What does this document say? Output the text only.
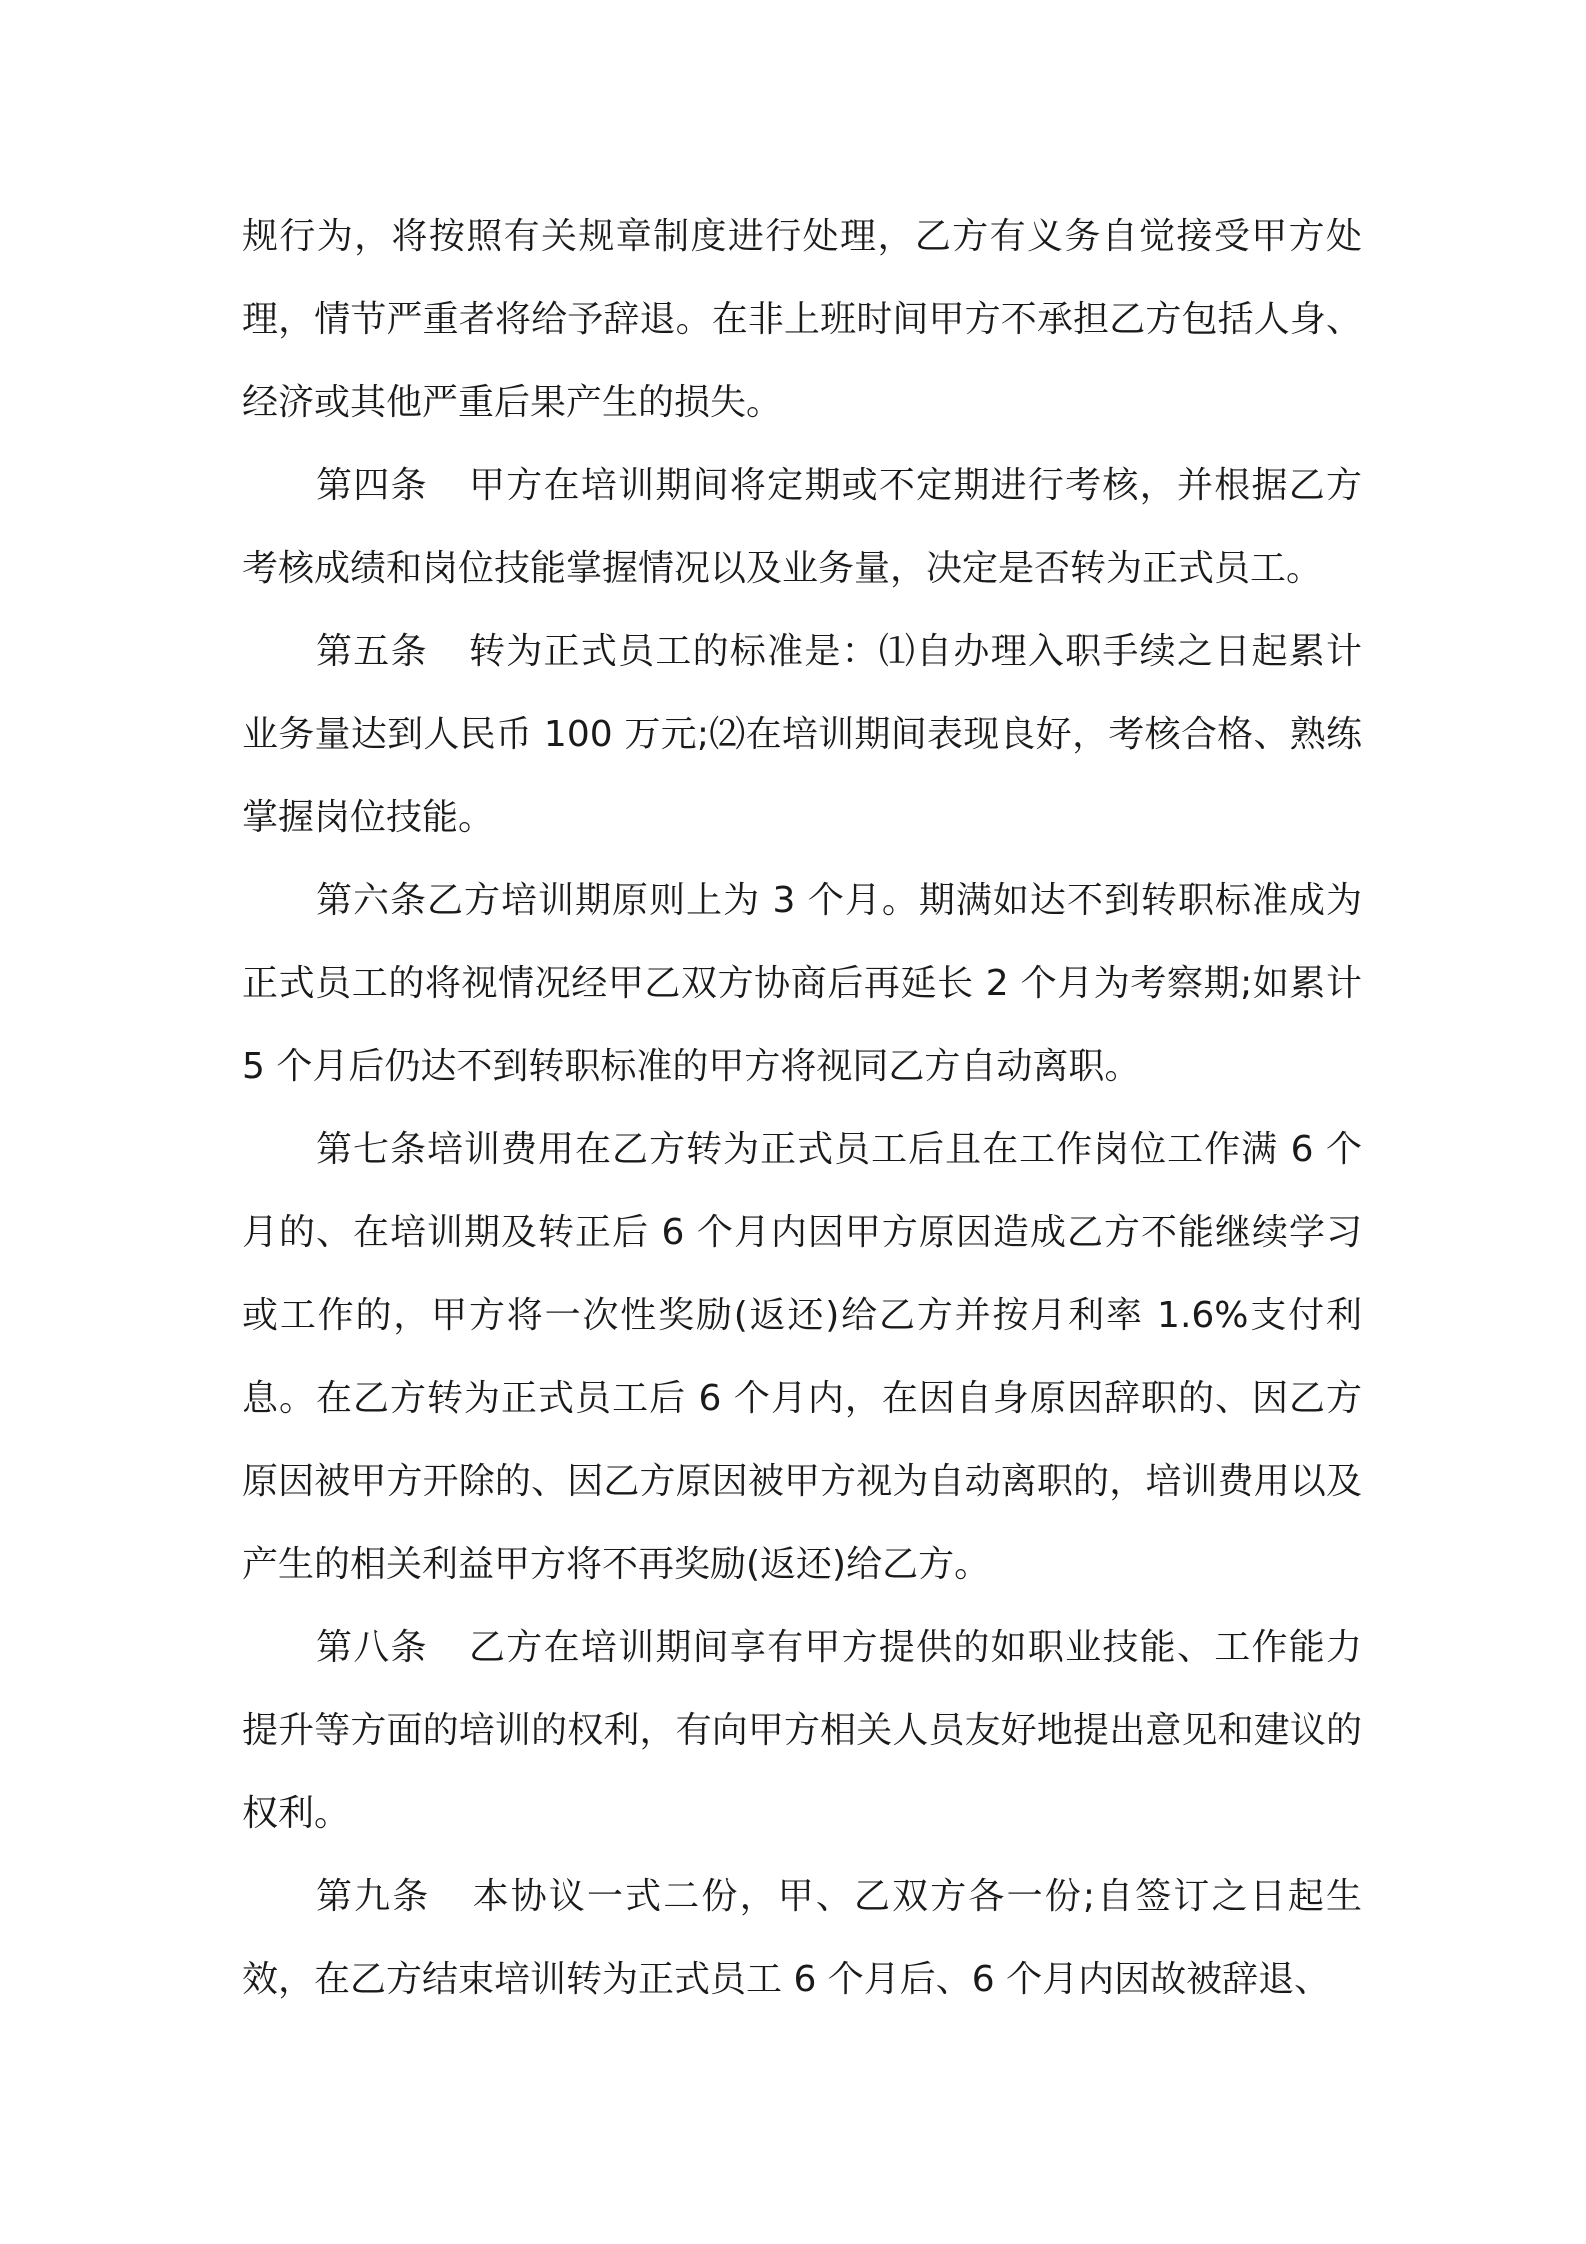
规行为，将按照有关规章制度进行处理，乙方有义务自觉接受甲方处理，情节严重者将给予辞退。在非上班时间甲方不承担乙方包括人身、经济或其他严重后果产生的损失。

第四条 甲方在培训期间将定期或不定期进行考核，并根据乙方考核成绩和岗位技能掌握情况以及业务量，决定是否转为正式员工。

第五条 转为正式员工的标准是：⑴自办理入职手续之日起累计业务量达到人民币 100 万元;⑵在培训期间表现良好，考核合格、熟练掌握岗位技能。

第六条乙方培训期原则上为 3 个月。期满如达不到转职标准成为正式员工的将视情况经甲乙双方协商后再延长 2 个月为考察期;如累计 5 个月后仍达不到转职标准的甲方将视同乙方自动离职。

第七条培训费用在乙方转为正式员工后且在工作岗位工作满 6 个月的、在培训期及转正后 6 个月内因甲方原因造成乙方不能继续学习或工作的，甲方将一次性奖励(返还)给乙方并按月利率 1.6%支付利息。在乙方转为正式员工后 6 个月内，在因自身原因辞职的、因乙方原因被甲方开除的、因乙方原因被甲方视为自动离职的，培训费用以及产生的相关利益甲方将不再奖励(返还)给乙方。

第八条 乙方在培训期间享有甲方提供的如职业技能、工作能力提升等方面的培训的权利，有向甲方相关人员友好地提出意见和建议的权利。

第九条 本协议一式二份，甲、乙双方各一份;自签订之日起生效，在乙方结束培训转为正式员工 6 个月后、6 个月内因故被辞退、
